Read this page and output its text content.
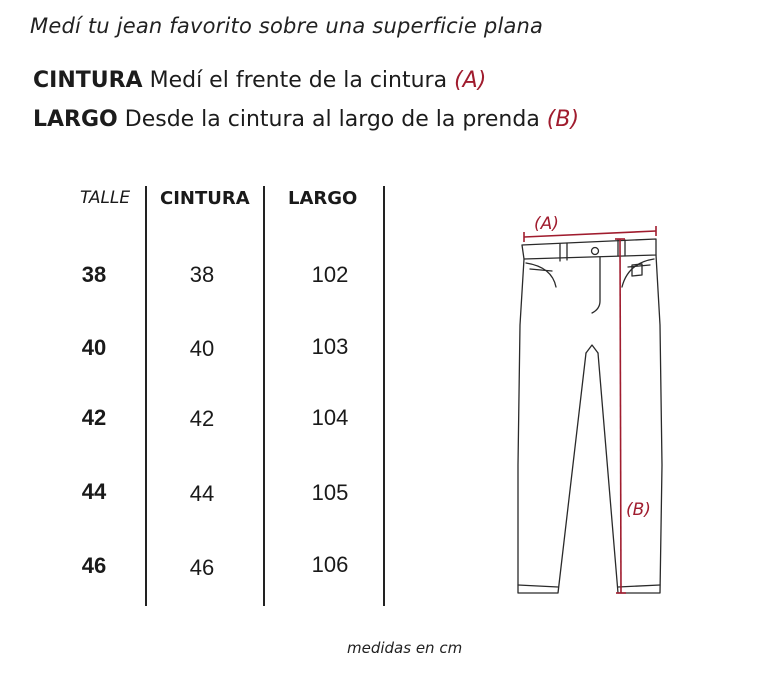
Medí tu jean favorito sobre una superficie plana
CINTURA Medí el frente de la cintura (A)
LARGO Desde la cintura al largo de la prenda (B)
TALLE CINTURA LARGO
38	38	102
40	40	103
42	42	104
44	44	105
46	46	106
(A)
(B)
medidas en cm
